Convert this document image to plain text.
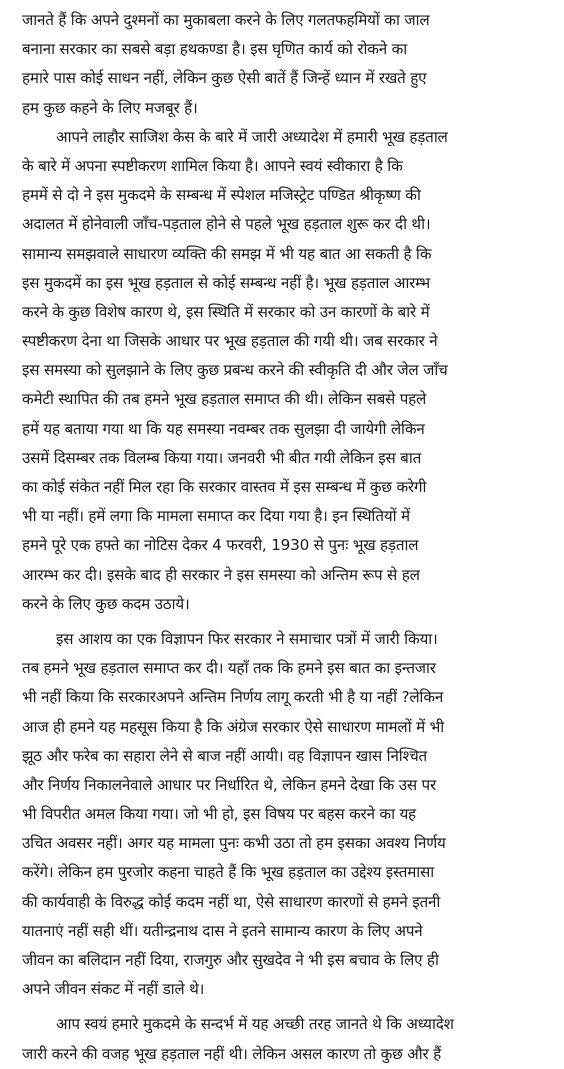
जानते हैं कि अपने दुश्मनों का मुकाबला करने के लिए गलतफहमियों का जाल
बनाना सरकार का सबसे बड़ा हथकण्डा है। इस घृणित कार्य को रोकने का
हमारे पास कोई साधन नहीं, लेकिन कुछ ऐसी बातें हैं जिन्हें ध्यान में रखते हुए
हम कुछ कहने के लिए मजबूर हैं।
आपने लाहौर साजिश केस के बारे में जारी अध्यादेश में हमारी भूख हड़ताल
के बारे में अपना स्पष्टीकरण शामिल किया है। आपने स्वयं स्वीकारा है कि
हममें से दो ने इस मुकदमे के सम्बन्ध में स्पेशल मजिस्ट्रेट पण्डित श्रीकृष्ण की
अदालत में होनेवाली जाँच-पड़ताल होने से पहले भूख हड़ताल शुरू कर दी थी।
सामान्य समझवाले साधारण व्यक्ति की समझ में भी यह बात आ सकती है कि
इस मुकदमें का इस भूख हड़ताल से कोई सम्बन्ध नहीं है। भूख हड़ताल आरम्भ
करने के कुछ विशेष कारण थे, इस स्थिति में सरकार को उन कारणों के बारे में
स्पष्टीकरण देना था जिसके आधार पर भूख हड़ताल की गयी थी। जब सरकार ने
इस समस्या को सुलझाने के लिए कुछ प्रबन्ध करने की स्वीकृति दी और जेल जाँच
कमेटी स्थापित की तब हमने भूख हड़ताल समाप्त की थी। लेकिन सबसे पहले
हमें यह बताया गया था कि यह समस्या नवम्बर तक सुलझा दी जायेगी लेकिन
उसमें दिसम्बर तक विलम्ब किया गया। जनवरी भी बीत गयी लेकिन इस बात
का कोई संकेत नहीं मिल रहा कि सरकार वास्तव में इस सम्बन्ध में कुछ करेगी
भी या नहीं। हमें लगा कि मामला समाप्त कर दिया गया है। इन स्थितियों में
हमने पूरे एक हफ्ते का नोटिस देकर 4 फरवरी, 1930 से पुनः भूख हड़ताल
आरम्भ कर दी। इसके बाद ही सरकार ने इस समस्या को अन्तिम रूप से हल
करने के लिए कुछ कदम उठाये।
इस आशय का एक विज्ञापन फिर सरकार ने समाचार पत्रों में जारी किया।
तब हमने भूख हड़ताल समाप्त कर दी। यहाँ तक कि हमने इस बात का इन्तजार
भी नहीं किया कि सरकारअपने अन्तिम निर्णय लागू करती भी है या नहीं ?लेकिन
आज ही हमने यह महसूस किया है कि अंग्रेज सरकार ऐसे साधारण मामलों में भी
झूठ और फरेब का सहारा लेने से बाज नहीं आयी। वह विज्ञापन खास निश्चित
और निर्णय निकालनेवाले आधार पर निर्धारित थे, लेकिन हमने देखा कि उस पर
भी विपरीत अमल किया गया। जो भी हो, इस विषय पर बहस करने का यह
उचित अवसर नहीं। अगर यह मामला पुनः कभी उठा तो हम इसका अवश्य निर्णय
करेंगे। लेकिन हम पुरजोर कहना चाहते हैं कि भूख हड़ताल का उद्देश्य इस्तमासा
की कार्यवाही के विरुद्ध कोई कदम नहीं था, ऐसे साधारण कारणों से हमने इतनी
यातनाएं नहीं सही थीं। यतीन्द्रनाथ दास ने इतने सामान्य कारण के लिए अपने
जीवन का बलिदान नहीं दिया, राजगुरु और सुखदेव ने भी इस बचाव के लिए ही
अपने जीवन संकट में नहीं डाले थे।
आप स्वयं हमारे मुकदमे के सन्दर्भ में यह अच्छी तरह जानते थे कि अध्यादेश
जारी करने की वजह भूख हड़ताल नहीं थी। लेकिन असल कारण तो कुछ और हैं
